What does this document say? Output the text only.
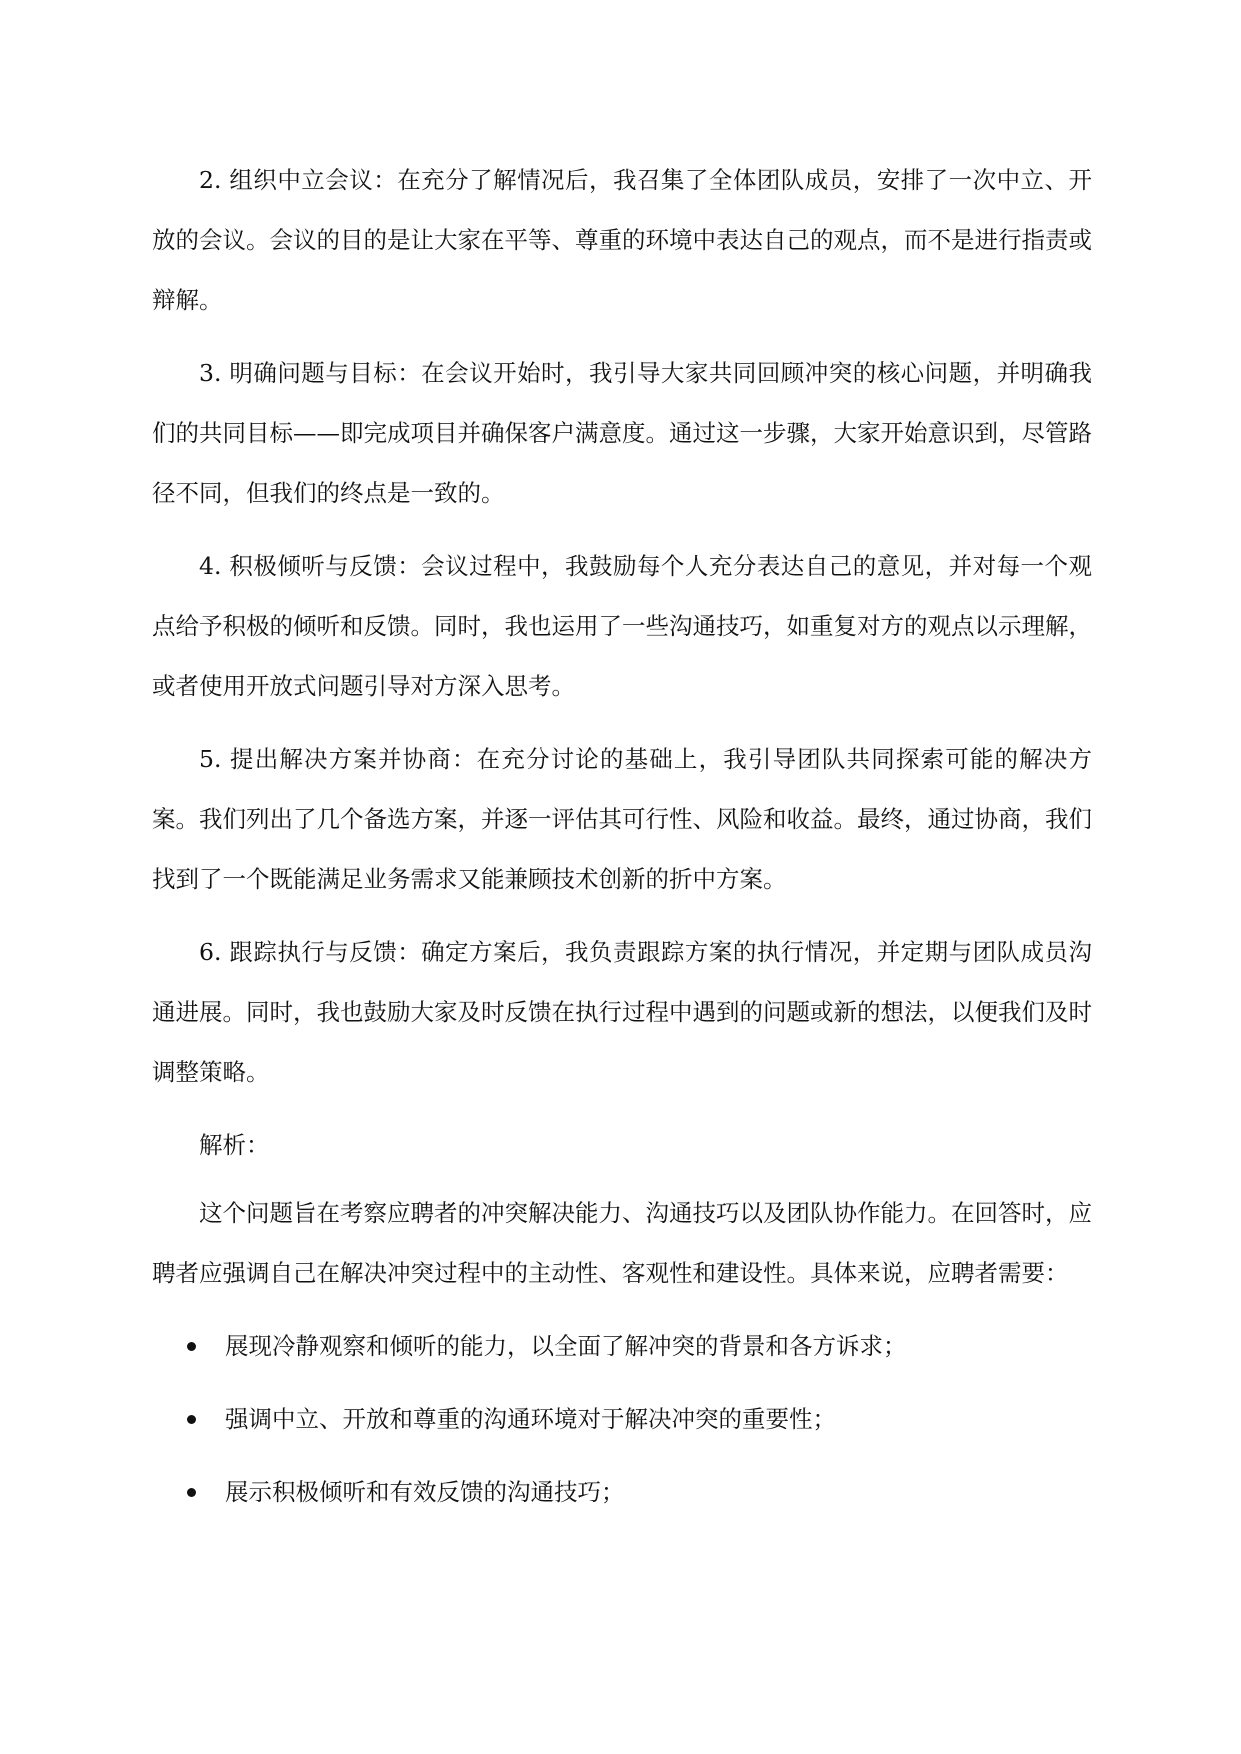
2. 组织中立会议：在充分了解情况后，我召集了全体团队成员，安排了一次中立、开放的会议。会议的目的是让大家在平等、尊重的环境中表达自己的观点，而不是进行指责或辩解。

3. 明确问题与目标：在会议开始时，我引导大家共同回顾冲突的核心问题，并明确我们的共同目标——即完成项目并确保客户满意度。通过这一步骤，大家开始意识到，尽管路径不同，但我们的终点是一致的。

4. 积极倾听与反馈：会议过程中，我鼓励每个人充分表达自己的意见，并对每一个观点给予积极的倾听和反馈。同时，我也运用了一些沟通技巧，如重复对方的观点以示理解，或者使用开放式问题引导对方深入思考。

5. 提出解决方案并协商：在充分讨论的基础上，我引导团队共同探索可能的解决方案。我们列出了几个备选方案，并逐一评估其可行性、风险和收益。最终，通过协商，我们找到了一个既能满足业务需求又能兼顾技术创新的折中方案。

6. 跟踪执行与反馈：确定方案后，我负责跟踪方案的执行情况，并定期与团队成员沟通进展。同时，我也鼓励大家及时反馈在执行过程中遇到的问题或新的想法，以便我们及时调整策略。

解析：

这个问题旨在考察应聘者的冲突解决能力、沟通技巧以及团队协作能力。在回答时，应聘者应强调自己在解决冲突过程中的主动性、客观性和建设性。具体来说，应聘者需要：

展现冷静观察和倾听的能力，以全面了解冲突的背景和各方诉求；
强调中立、开放和尊重的沟通环境对于解决冲突的重要性；
展示积极倾听和有效反馈的沟通技巧；
